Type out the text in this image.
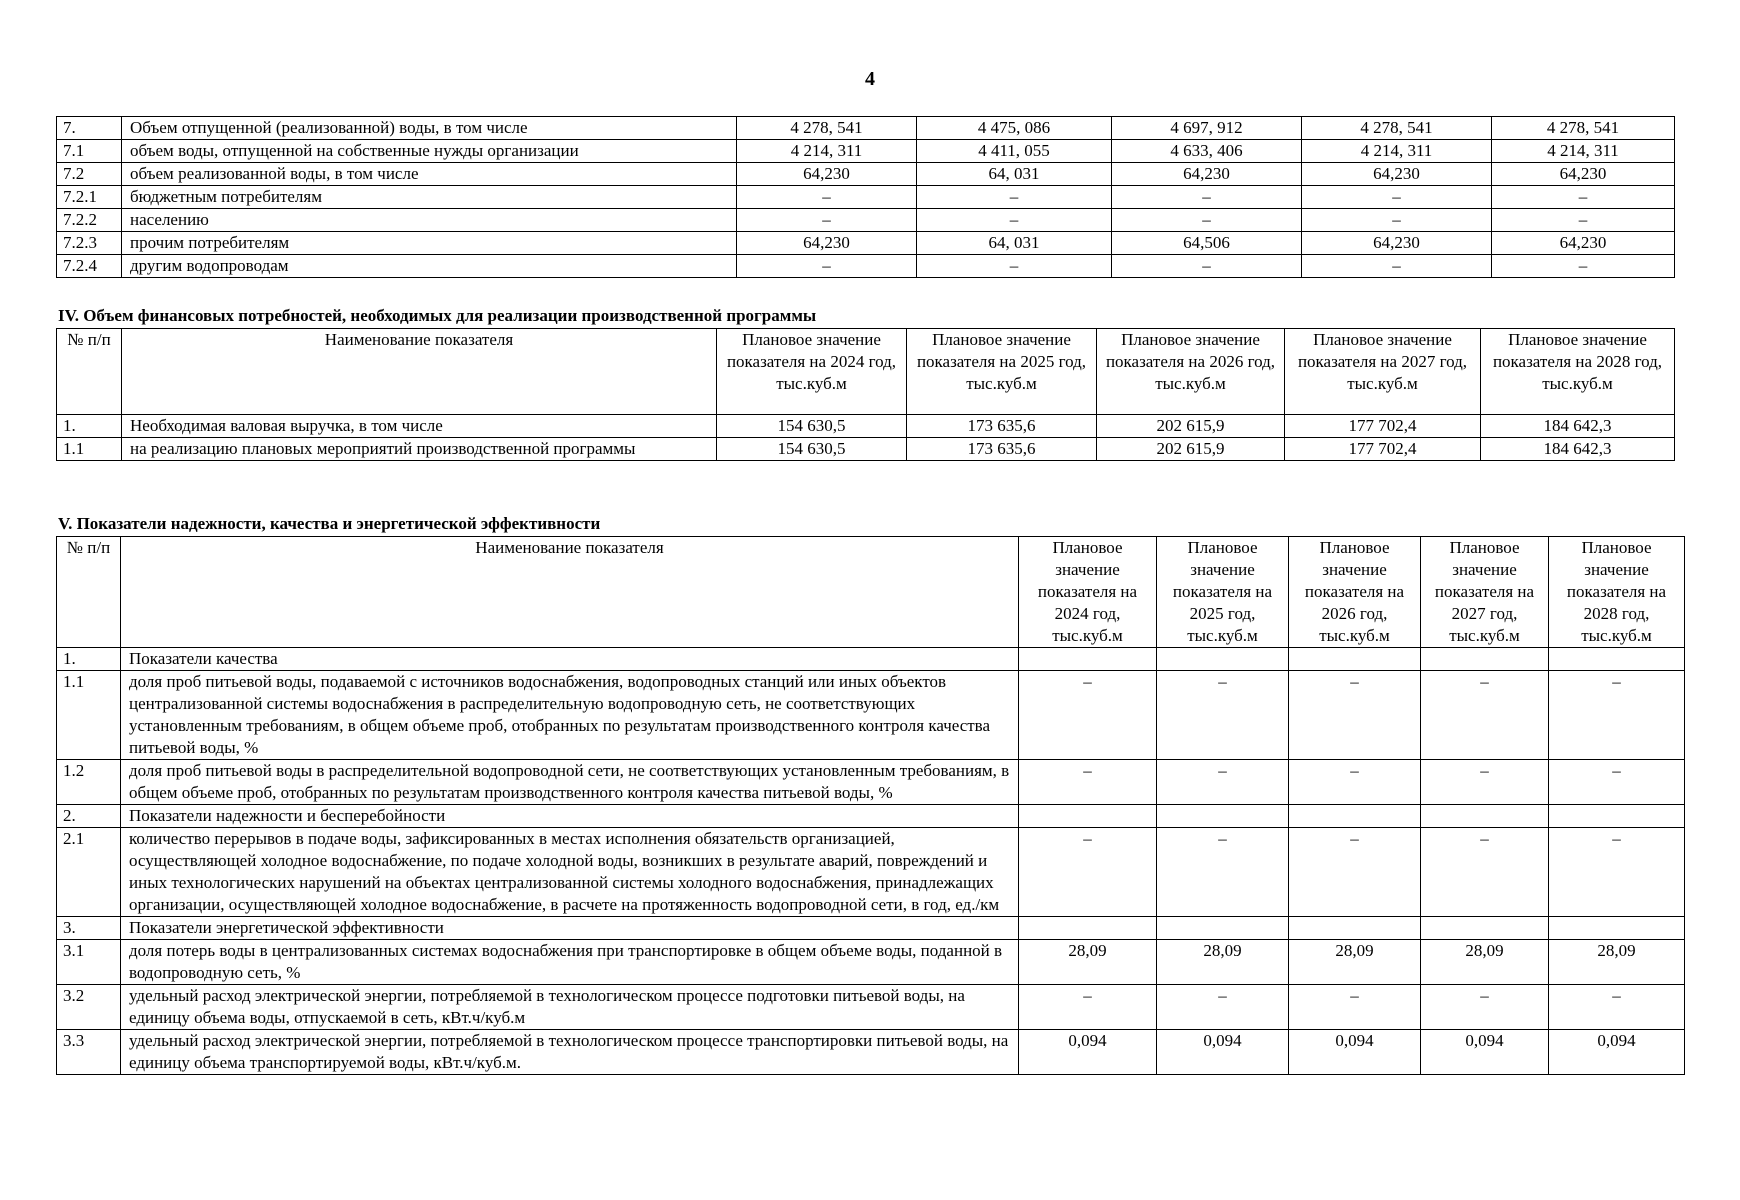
4
7.	Объем отпущенной (реализованной) воды, в том числе	4 278, 541	4 475, 086	4 697, 912	4 278, 541	4 278, 541
7.1	объем воды, отпущенной на собственные нужды организации	4 214, 311	4 411, 055	4 633, 406	4 214, 311	4 214, 311
7.2	объем реализованной воды, в том числе	64,230	64, 031	64,230	64,230	64,230
7.2.1	бюджетным потребителям	–	–	–	–	–
7.2.2	населению	–	–	–	–	–
7.2.3	прочим потребителям	64,230	64, 031	64,506	64,230	64,230
7.2.4	другим водопроводам	–	–	–	–	–
IV. Объем финансовых потребностей, необходимых для реализации производственной программы
№ п/п	Наименование показателя	Плановое значение показателя на 2024 год, тыс.куб.м	Плановое значение показателя на 2025 год, тыс.куб.м	Плановое значение показателя на 2026 год, тыс.куб.м	Плановое значение показателя на 2027 год, тыс.куб.м	Плановое значение показателя на 2028 год, тыс.куб.м
1.	Необходимая валовая выручка, в том числе	154 630,5	173 635,6	202 615,9	177 702,4	184 642,3
1.1	на реализацию плановых мероприятий производственной программы	154 630,5	173 635,6	202 615,9	177 702,4	184 642,3
V. Показатели надежности, качества и энергетической эффективности
№ п/п	Наименование показателя	Плановое значение показателя на 2024 год, тыс.куб.м	Плановое значение показателя на 2025 год, тыс.куб.м	Плановое значение показателя на 2026 год, тыс.куб.м	Плановое значение показателя на 2027 год, тыс.куб.м	Плановое значение показателя на 2028 год, тыс.куб.м
1.	Показатели качества					
1.1	доля проб питьевой воды, подаваемой с источников водоснабжения, водопроводных станций или иных объектов централизованной системы водоснабжения в распределительную водопроводную сеть, не соответствующих установленным требованиям, в общем объеме проб, отобранных по результатам производственного контроля качества питьевой воды, %	–	–	–	–	–
1.2	доля проб питьевой воды в распределительной водопроводной сети, не соответствующих установленным требованиям, в общем объеме проб, отобранных по результатам производственного контроля качества питьевой воды, %	–	–	–	–	–
2.	Показатели надежности и бесперебойности					
2.1	количество перерывов в подаче воды, зафиксированных в местах исполнения обязательств организацией, осуществляющей холодное водоснабжение, по подаче холодной воды, возникших в результате аварий, повреждений и иных технологических нарушений на объектах централизованной системы холодного водоснабжения, принадлежащих организации, осуществляющей холодное водоснабжение, в расчете на протяженность водопроводной сети, в год, ед./км	–	–	–	–	–
3.	Показатели энергетической эффективности					
3.1	доля потерь воды в централизованных системах водоснабжения при транспортировке в общем объеме воды, поданной в водопроводную сеть, %	28,09	28,09	28,09	28,09	28,09
3.2	удельный расход электрической энергии, потребляемой в технологическом процессе подготовки питьевой воды, на единицу объема воды, отпускаемой в сеть, кВт.ч/куб.м	–	–	–	–	–
3.3	удельный расход электрической энергии, потребляемой в технологическом процессе транспортировки питьевой воды, на единицу объема транспортируемой воды, кВт.ч/куб.м.	0,094	0,094	0,094	0,094	0,094
